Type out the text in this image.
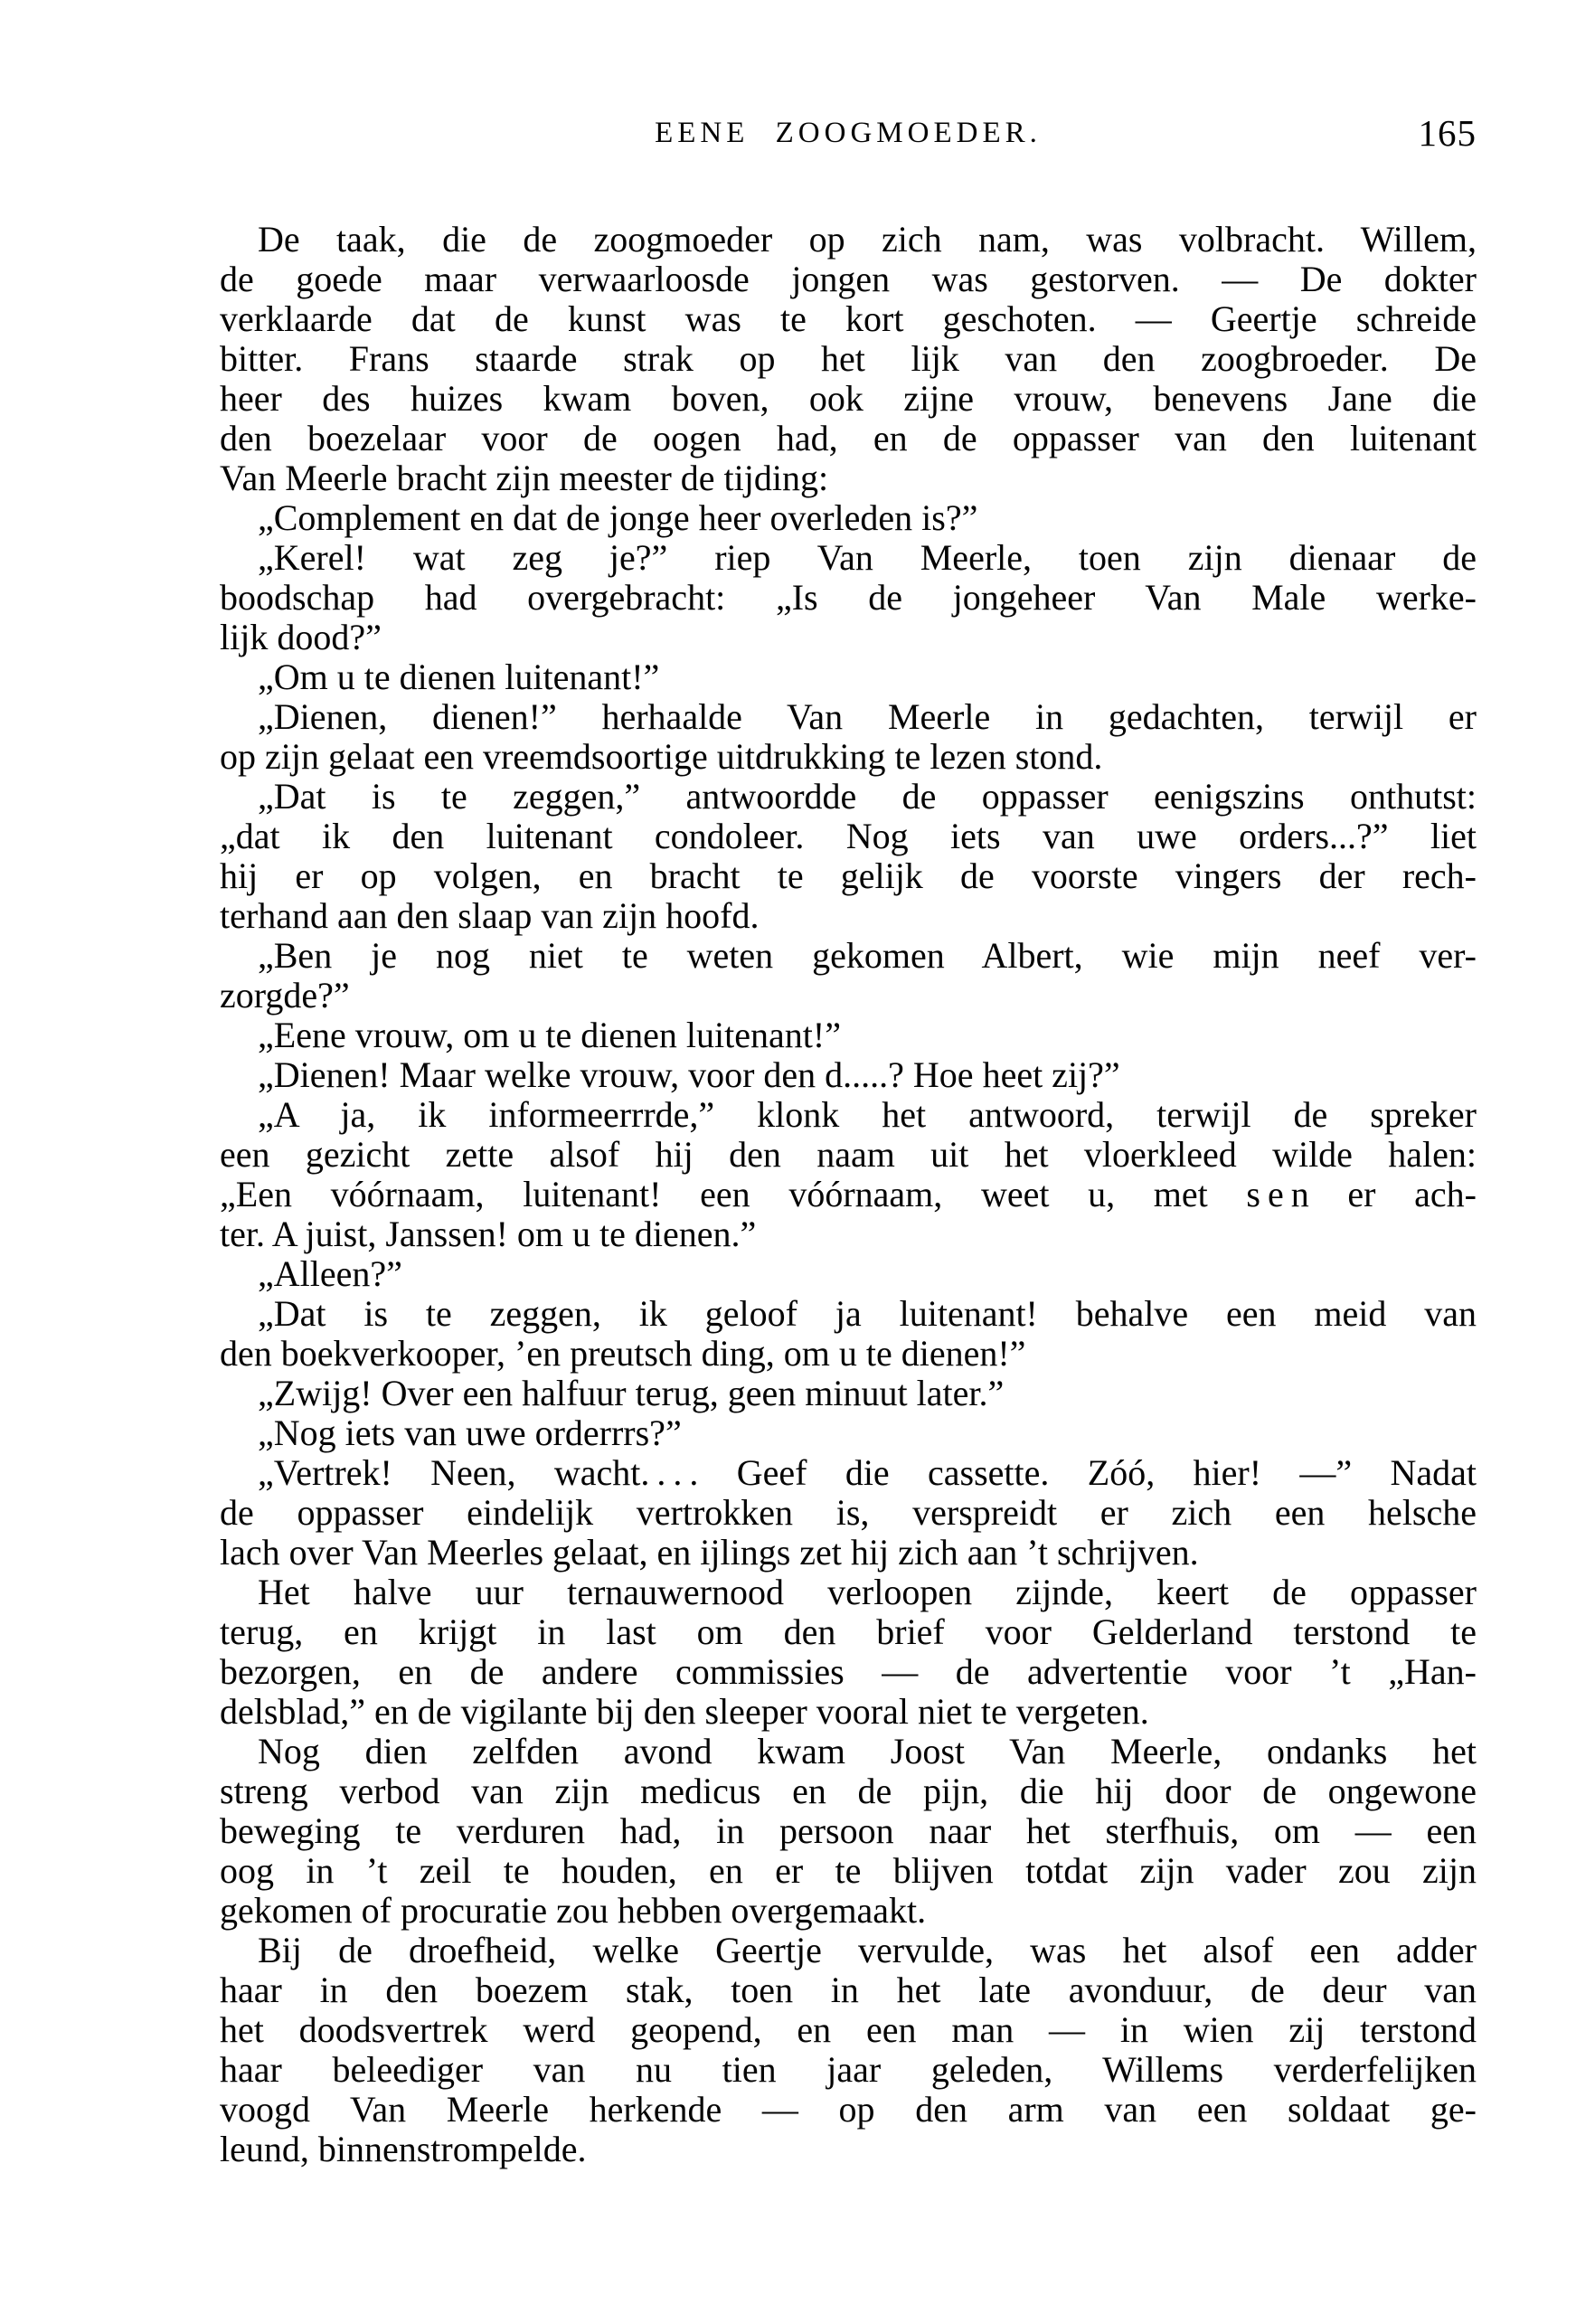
EENE ZOOGMOEDER.	165
De taak, die de zoogmoeder op zich nam, was volbracht. Willem,
de goede maar verwaarloosde jongen was gestorven. — De dokter
verklaarde dat de kunst was te kort geschoten. — Geertje schreide
bitter. Frans staarde strak op het lijk van den zoogbroeder. De
heer des huizes kwam boven, ook zijne vrouw, benevens Jane die
den boezelaar voor de oogen had, en de oppasser van den luitenant
Van Meerle bracht zijn meester de tijding:
„Complement en dat de jonge heer overleden is?”
„Kerel! wat zeg je?” riep Van Meerle, toen zijn dienaar de
boodschap had overgebracht: „Is de jongeheer Van Male werke-
lijk dood?”
„Om u te dienen luitenant!”
„Dienen, dienen!” herhaalde Van Meerle in gedachten, terwijl er
op zijn gelaat een vreemdsoortige uitdrukking te lezen stond.
„Dat is te zeggen,” antwoordde de oppasser eenigszins onthutst:
„dat ik den luitenant condoleer. Nog iets van uwe orders...?” liet
hij er op volgen, en bracht te gelijk de voorste vingers der rech-
terhand aan den slaap van zijn hoofd.
„Ben je nog niet te weten gekomen Albert, wie mijn neef ver-
zorgde?”
„Eene vrouw, om u te dienen luitenant!”
„Dienen! Maar welke vrouw, voor den d.....? Hoe heet zij?”
„A ja, ik informeerrrde,” klonk het antwoord, terwijl de spreker
een gezicht zette alsof hij den naam uit het vloerkleed wilde halen:
„Een vóórnaam, luitenant! een vóórnaam, weet u, met s e n er ach-
ter. A juist, Janssen! om u te dienen.”
„Alleen?”
„Dat is te zeggen, ik geloof ja luitenant! behalve een meid van
den boekverkooper, ’en preutsch ding, om u te dienen!”
„Zwijg! Over een halfuur terug, geen minuut later.”
„Nog iets van uwe orderrrs?”
„Vertrek! Neen, wacht. . . . Geef die cassette. Zóó, hier! —” Nadat
de oppasser eindelijk vertrokken is, verspreidt er zich een helsche
lach over Van Meerles gelaat, en ijlings zet hij zich aan ’t schrijven.
Het halve uur ternauwernood verloopen zijnde, keert de oppasser
terug, en krijgt in last om den brief voor Gelderland terstond te
bezorgen, en de andere commissies — de advertentie voor ’t „Han-
delsblad,” en de vigilante bij den sleeper vooral niet te vergeten.
Nog dien zelfden avond kwam Joost Van Meerle, ondanks het
streng verbod van zijn medicus en de pijn, die hij door de ongewone
beweging te verduren had, in persoon naar het sterfhuis, om — een
oog in ’t zeil te houden, en er te blijven totdat zijn vader zou zijn
gekomen of procuratie zou hebben overgemaakt.
Bij de droefheid, welke Geertje vervulde, was het alsof een adder
haar in den boezem stak, toen in het late avonduur, de deur van
het doodsvertrek werd geopend, en een man — in wien zij terstond
haar beleediger van nu tien jaar geleden, Willems verderfelijken
voogd Van Meerle herkende — op den arm van een soldaat ge-
leund, binnenstrompelde.
